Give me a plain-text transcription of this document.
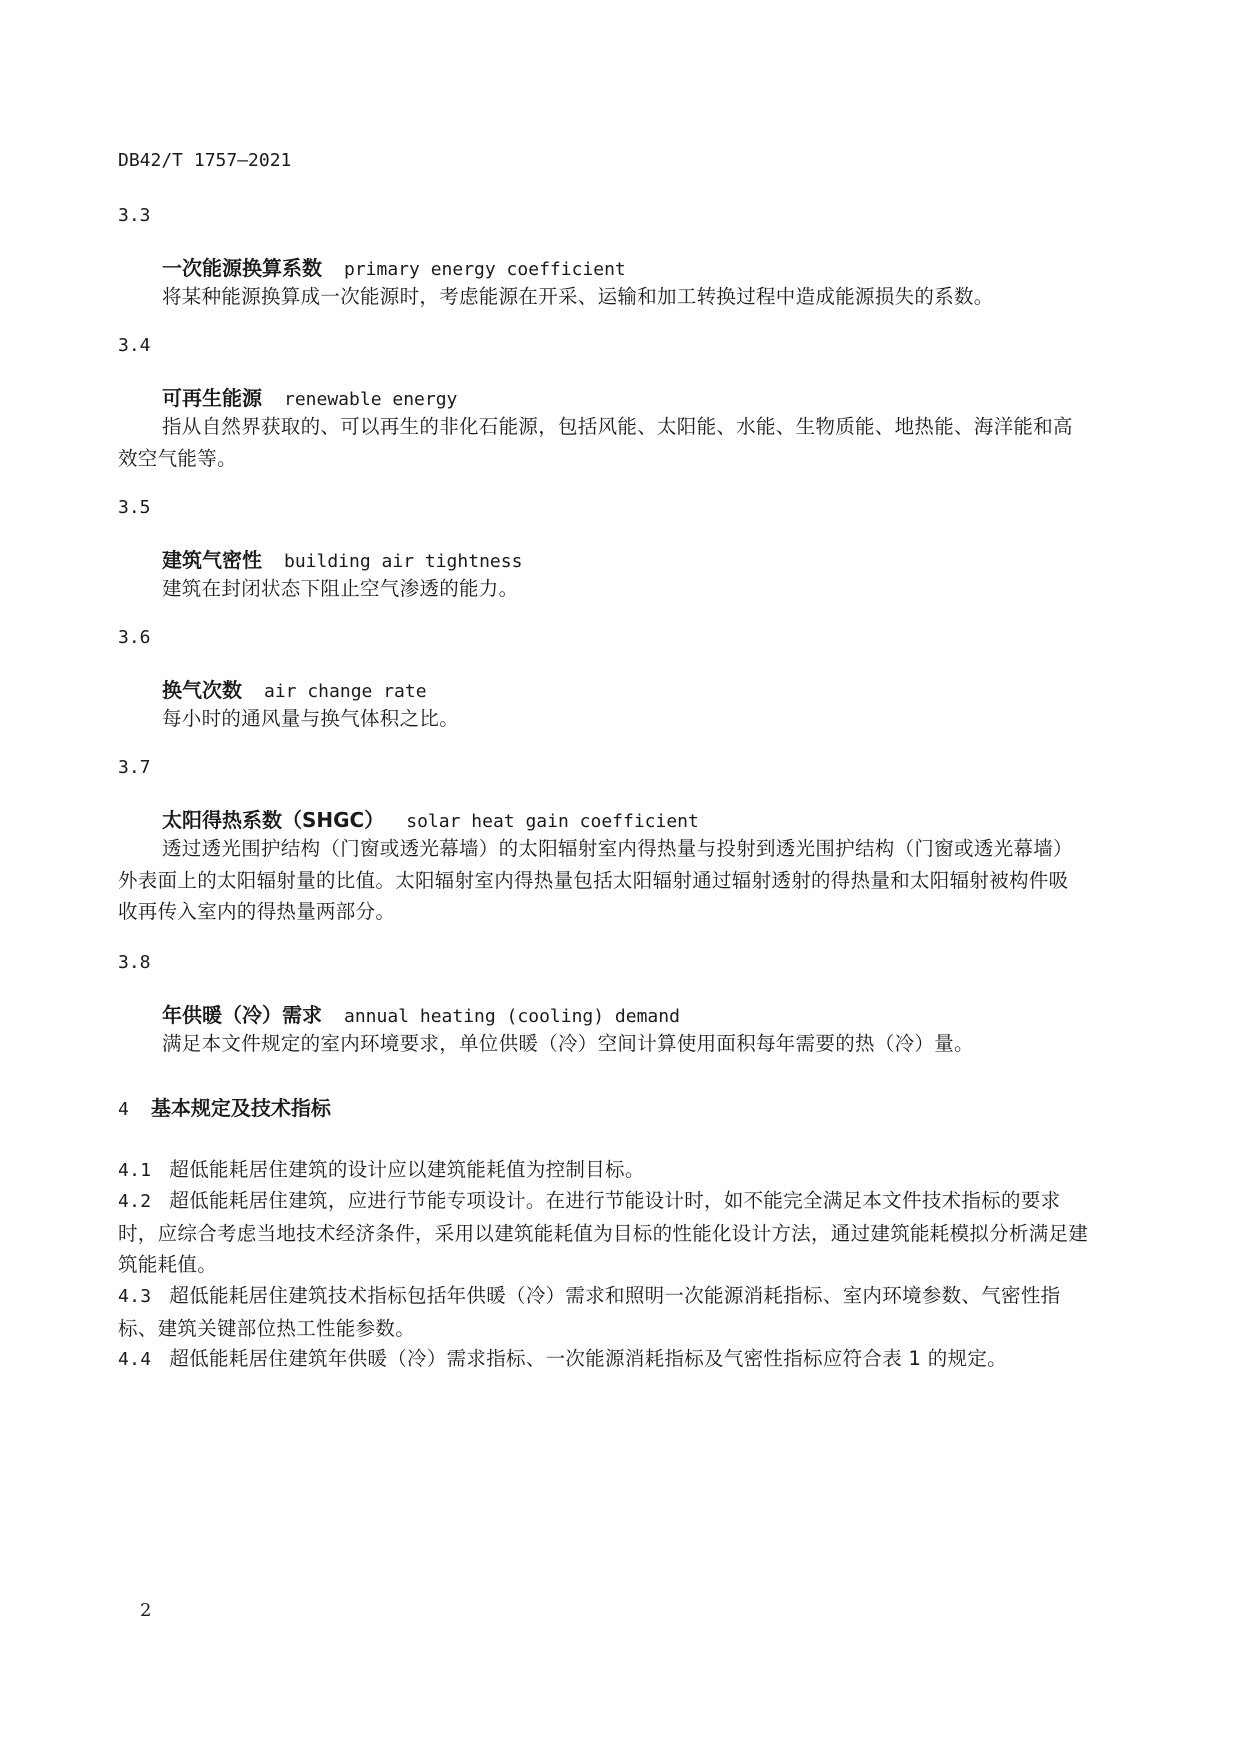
DB42/T 1757—2021
3.3
一次能源换算系数 primary energy coefficient
将某种能源换算成一次能源时，考虑能源在开采、运输和加工转换过程中造成能源损失的系数。
3.4
可再生能源 renewable energy
指从自然界获取的、可以再生的非化石能源，包括风能、太阳能、水能、生物质能、地热能、海洋能和高效空气能等。
3.5
建筑气密性 building air tightness
建筑在封闭状态下阻止空气渗透的能力。
3.6
换气次数 air change rate
每小时的通风量与换气体积之比。
3.7
太阳得热系数（SHGC） solar heat gain coefficient
透过透光围护结构（门窗或透光幕墙）的太阳辐射室内得热量与投射到透光围护结构（门窗或透光幕墙）外表面上的太阳辐射量的比值。太阳辐射室内得热量包括太阳辐射通过辐射透射的得热量和太阳辐射被构件吸收再传入室内的得热量两部分。
3.8
年供暖（冷）需求 annual heating (cooling) demand
满足本文件规定的室内环境要求，单位供暖（冷）空间计算使用面积每年需要的热（冷）量。
4 基本规定及技术指标
4.1 超低能耗居住建筑的设计应以建筑能耗值为控制目标。
4.2 超低能耗居住建筑，应进行节能专项设计。在进行节能设计时，如不能完全满足本文件技术指标的要求时，应综合考虑当地技术经济条件，采用以建筑能耗值为目标的性能化设计方法，通过建筑能耗模拟分析满足建筑能耗值。
4.3 超低能耗居住建筑技术指标包括年供暖（冷）需求和照明一次能源消耗指标、室内环境参数、气密性指标、建筑关键部位热工性能参数。
4.4 超低能耗居住建筑年供暖（冷）需求指标、一次能源消耗指标及气密性指标应符合表 1 的规定。
2
